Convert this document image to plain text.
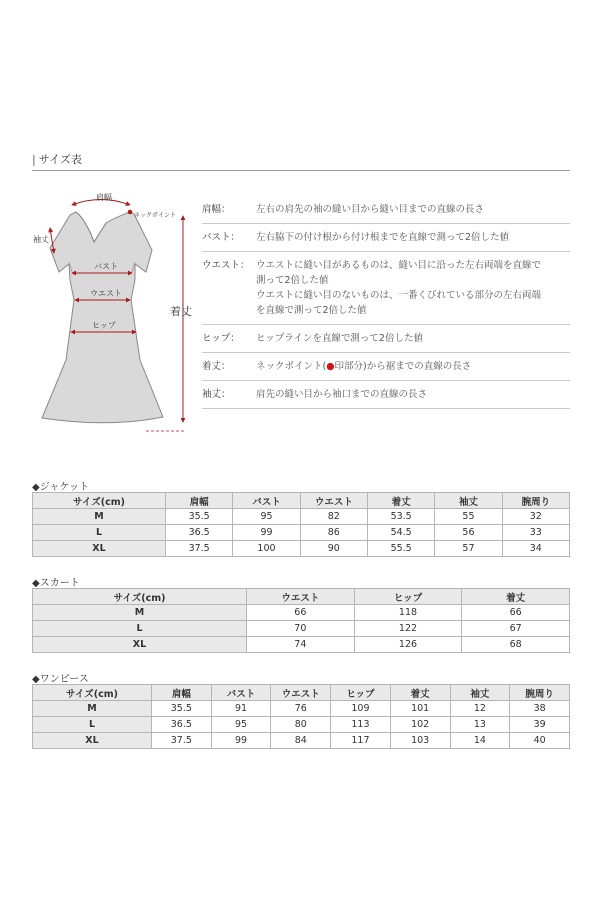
| サイズ表
肩幅
ネックポイント
袖丈
バスト
ウエスト
ヒップ
着丈
肩幅：	左右の肩先の袖の縫い目から縫い目までの直線の長さ
バスト：	左右脇下の付け根から付け根までを直線で測って2倍した値
ウエスト： ウエストに縫い目があるものは、縫い目に沿った左右両端を直線で
測って2倍した値
ウエストに縫い目のないものは、一番くびれている部分の左右両端
を直線で測って2倍した値
ヒップ：	ヒップラインを直線で測って2倍した値
着丈：	ネックポイント(●印部分)から裾までの直線の長さ
袖丈：	肩先の縫い目から袖口までの直線の長さ
◆ジャケット
サイズ(cm)	肩幅	バスト	ウエスト	着丈	袖丈	腕周り
M	35.5	95	82	53.5	55	32
L	36.5	99	86	54.5	56	33
XL	37.5	100	90	55.5	57	34
◆スカート
サイズ(cm)	ウエスト	ヒップ	着丈
M	66	118	66
L	70	122	67
XL	74	126	68
◆ワンピース
サイズ(cm)	肩幅	バスト	ウエスト	ヒップ	着丈	袖丈	腕周り
M	35.5	91	76	109	101	12	38
L	36.5	95	80	113	102	13	39
XL	37.5	99	84	117	103	14	40
